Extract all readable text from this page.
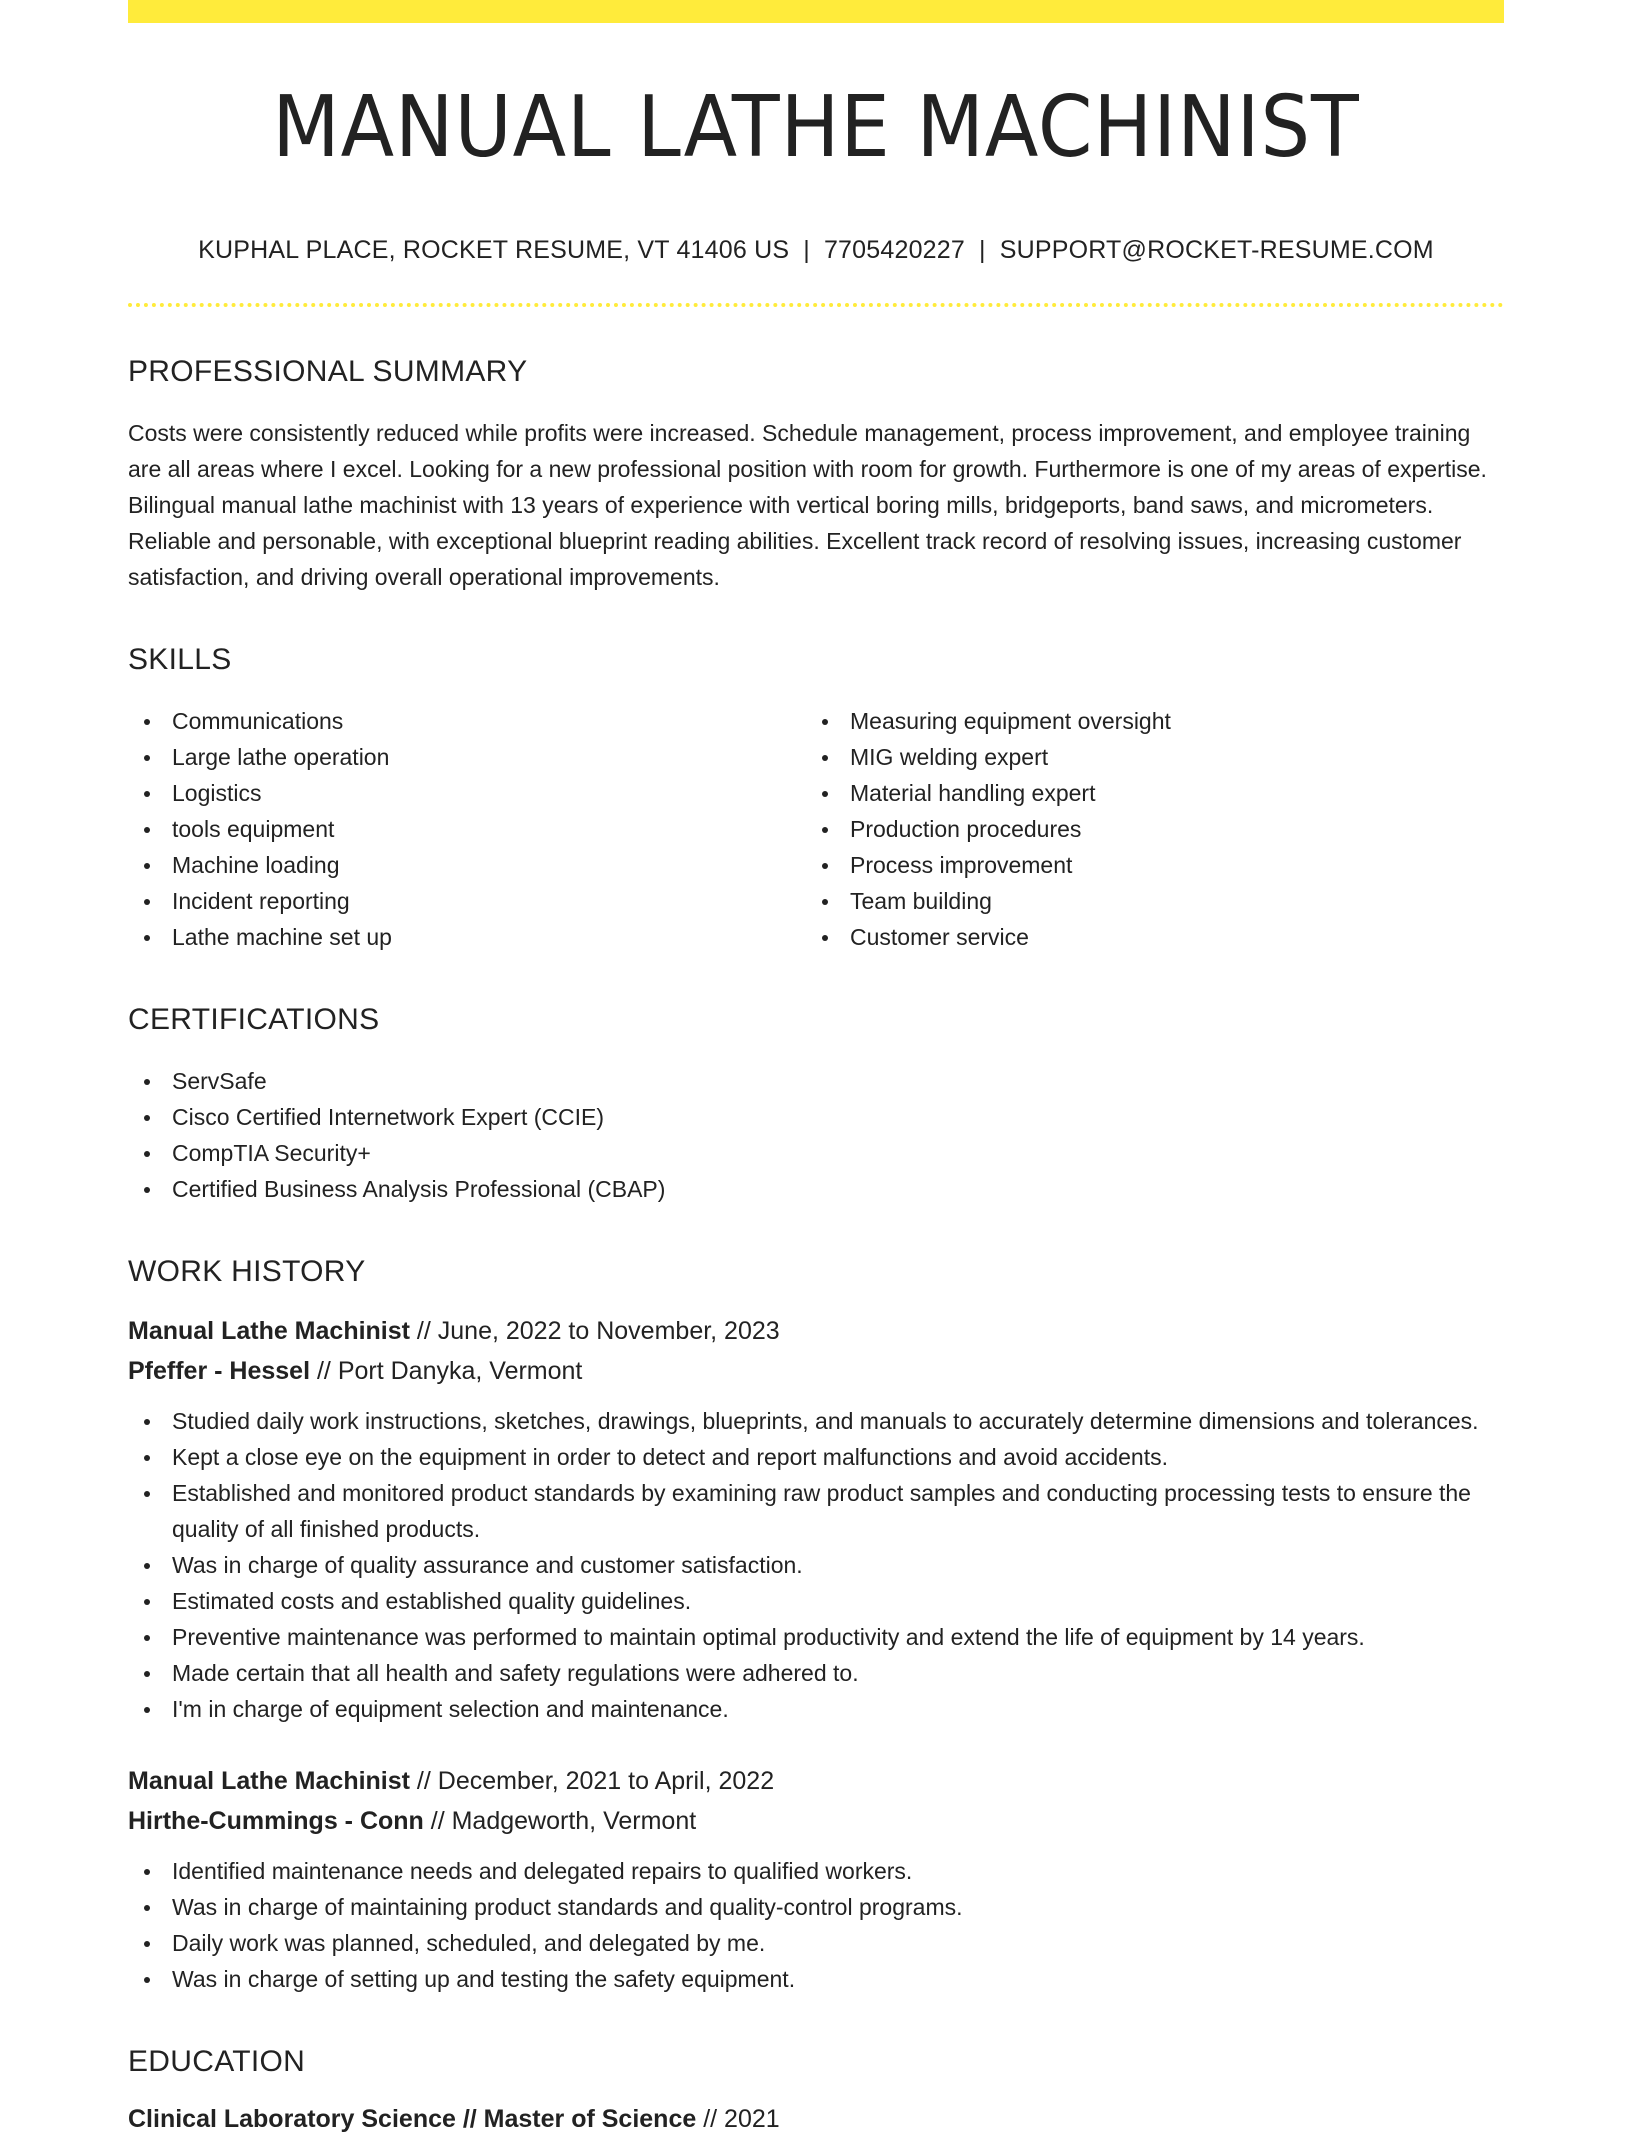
MANUAL LATHE MACHINIST
KUPHAL PLACE, ROCKET RESUME, VT 41406 US | 7705420227 | SUPPORT@ROCKET-RESUME.COM
PROFESSIONAL SUMMARY

Costs were consistently reduced while profits were increased. Schedule management, process improvement, and employee training are all areas where I excel. Looking for a new professional position with room for growth. Furthermore is one of my areas of expertise. Bilingual manual lathe machinist with 13 years of experience with vertical boring mills, bridgeports, band saws, and micrometers. Reliable and personable, with exceptional blueprint reading abilities. Excellent track record of resolving issues, increasing customer satisfaction, and driving overall operational improvements.

SKILLS
Communications
Large lathe operation
Logistics
tools equipment
Machine loading
Incident reporting
Lathe machine set up
Measuring equipment oversight
MIG welding expert
Material handling expert
Production procedures
Process improvement
Team building
Customer service
CERTIFICATIONS
ServSafe
Cisco Certified Internetwork Expert (CCIE)
CompTIA Security+
Certified Business Analysis Professional (CBAP)
WORK HISTORY
Manual Lathe Machinist // June, 2022 to November, 2023
Pfeffer - Hessel // Port Danyka, Vermont
Studied daily work instructions, sketches, drawings, blueprints, and manuals to accurately determine dimensions and tolerances.
Kept a close eye on the equipment in order to detect and report malfunctions and avoid accidents.
Established and monitored product standards by examining raw product samples and conducting processing tests to ensure the quality of all finished products.
Was in charge of quality assurance and customer satisfaction.
Estimated costs and established quality guidelines.
Preventive maintenance was performed to maintain optimal productivity and extend the life of equipment by 14 years.
Made certain that all health and safety regulations were adhered to.
I'm in charge of equipment selection and maintenance.
Manual Lathe Machinist // December, 2021 to April, 2022
Hirthe-Cummings - Conn // Madgeworth, Vermont
Identified maintenance needs and delegated repairs to qualified workers.
Was in charge of maintaining product standards and quality-control programs.
Daily work was planned, scheduled, and delegated by me.
Was in charge of setting up and testing the safety equipment.
EDUCATION
Clinical Laboratory Science // Master of Science // 2021
